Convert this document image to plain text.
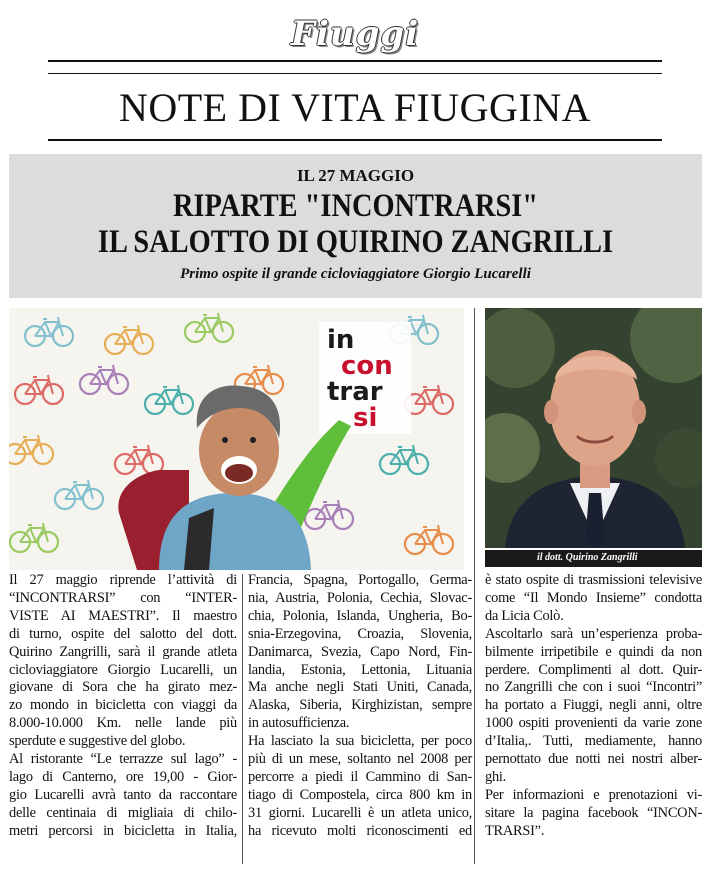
Fiuggi
NOTE DI VITA FIUGGINA
IL 27 MAGGIO
RIPARTE "INCONTRARSI"
IL SALOTTO DI QUIRINO ZANGRILLI
Primo ospite il grande cicloviaggiatore Giorgio Lucarelli
in
con
trar
si
il dott. Quirino Zangrilli
Il 27 maggio riprende l’attività di
“INCONTRARSI” con “INTER-
VISTE AI MAESTRI”. Il maestro
di turno, ospite del salotto del dott.
Quirino Zangrilli, sarà il grande atleta
cicloviaggiatore Giorgio Lucarelli, un
giovane di Sora che ha girato mez-
zo mondo in bicicletta con viaggi da
8.000-10.000 Km. nelle lande più
sperdute e suggestive del globo.
Al ristorante “Le terrazze sul lago” -
lago di Canterno, ore 19,00 - Gior-
gio Lucarelli avrà tanto da raccontare
delle centinaia di migliaia di chilo-
metri percorsi in bicicletta in Italia,
Francia, Spagna, Portogallo, Germa-
nia, Austria, Polonia, Cechia, Slovac-
chia, Polonia, Islanda, Ungheria, Bo-
snia-Erzegovina, Croazia, Slovenia,
Danimarca, Svezia, Capo Nord, Fin-
landia, Estonia, Lettonia, Lituania
Ma anche negli Stati Uniti, Canada,
Alaska, Siberia, Kirghizistan, sempre
in autosufficienza.
Ha lasciato la sua bicicletta, per poco
più di un mese, soltanto nel 2008 per
percorre a piedi il Cammino di San-
tiago di Compostela, circa 800 km in
31 giorni. Lucarelli è un atleta unico,
ha ricevuto molti riconoscimenti ed
è stato ospite di trasmissioni televisive
come “Il Mondo Insieme” condotta
da Licia Colò.
Ascoltarlo sarà un’esperienza proba-
bilmente irripetibile e quindi da non
perdere. Complimenti al dott. Quir-
no Zangrilli che con i suoi “Incontri”
ha portato a Fiuggi, negli anni, oltre
1000 ospiti provenienti da varie zone
d’Italia,. Tutti, mediamente, hanno
pernottato due notti nei nostri alber-
ghi.
Per informazioni e prenotazioni vi-
sitare la pagina facebook “INCON-
TRARSI”.
